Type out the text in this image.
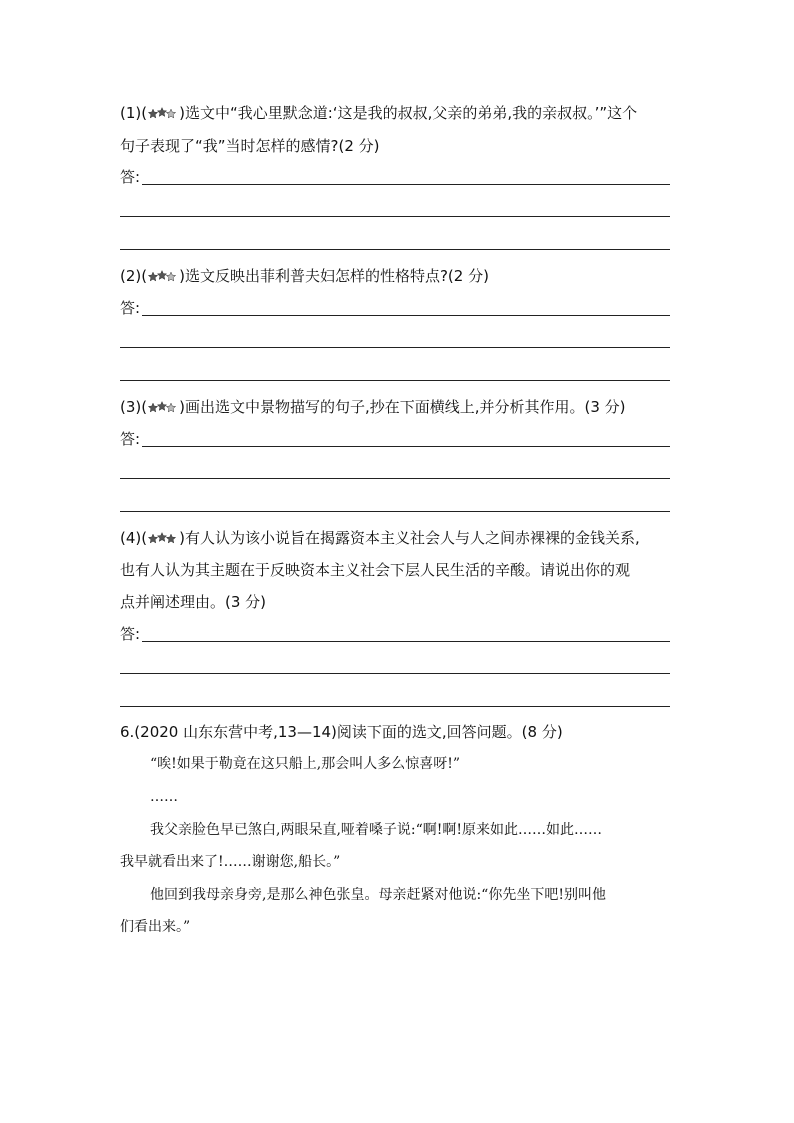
(1)( ) 选文中“我心里默念道:‘这是我的叔叔,父亲的弟弟,我的亲叔叔。’”这个
句子表现了“我”当时怎样的感情?(2 分)
答:
(2)( ) 选文反映出菲利普夫妇怎样的性格特点?(2 分)
答:
(3)( ) 画出选文中景物描写的句子,抄在下面横线上,并分析其作用。(3 分)
答:
(4)( ) 有人认为该小说旨在揭露资本主义社会人与人之间赤裸裸的金钱关系,
也有人认为其主题在于反映资本主义社会下层人民生活的辛酸。请说出你的观
点并阐述理由。(3 分)
答:
6.(2020 山东东营中考,13—14)阅读下面的选文,回答问题。(8 分)
“唉!如果于勒竟在这只船上,那会叫人多么惊喜呀!”
……
我父亲脸色早已煞白,两眼呆直,哑着嗓子说:“啊!啊!原来如此……如此……
我早就看出来了!……谢谢您,船长。”
他回到我母亲身旁,是那么神色张皇。母亲赶紧对他说:“你先坐下吧!别叫他
们看出来。”
